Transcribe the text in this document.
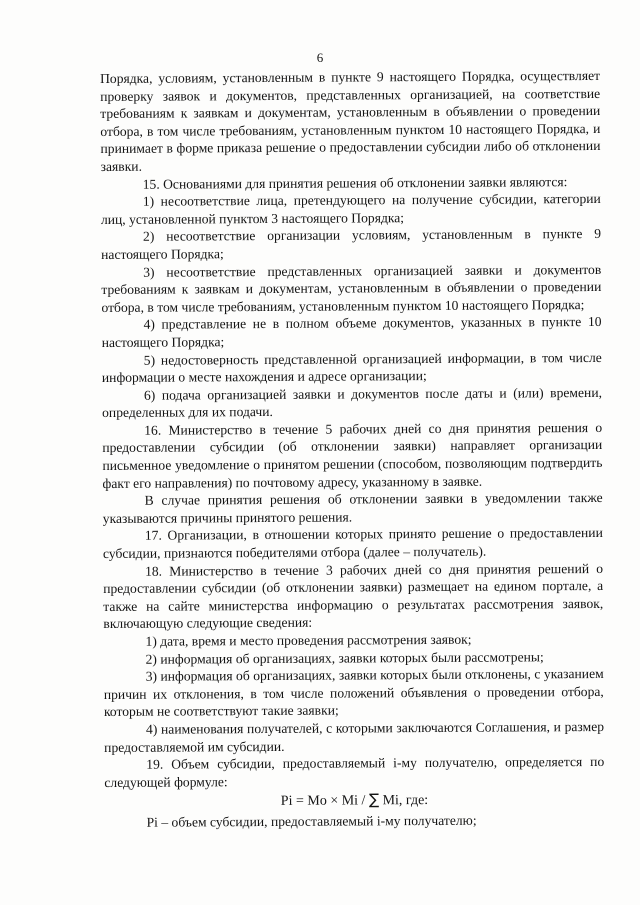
6

Порядка, условиям, установленным в пункте 9 настоящего Порядка, осуществляет проверку заявок и документов, представленных организацией, на соответствие требованиям к заявкам и документам, установленным в объявлении о проведении отбора, в том числе требованиям, установленным пунктом 10 настоящего Порядка, и принимает в форме приказа решение о предоставлении субсидии либо об отклонении заявки.

15. Основаниями для принятия решения об отклонении заявки являются:

1) несоответствие лица, претендующего на получение субсидии, категории лиц, установленной пунктом 3 настоящего Порядка;

2) несоответствие организации условиям, установленным в пункте 9 настоящего Порядка;

3) несоответствие представленных организацией заявки и документов требованиям к заявкам и документам, установленным в объявлении о проведении отбора, в том числе требованиям, установленным пунктом 10 настоящего Порядка;

4) представление не в полном объеме документов, указанных в пункте 10 настоящего Порядка;

5) недостоверность представленной организацией информации, в том числе информации о месте нахождения и адресе организации;

6) подача организацией заявки и документов после даты и (или) времени, определенных для их подачи.

16. Министерство в течение 5 рабочих дней со дня принятия решения о предоставлении субсидии (об отклонении заявки) направляет организации письменное уведомление о принятом решении (способом, позволяющим подтвердить факт его направления) по почтовому адресу, указанному в заявке.

В случае принятия решения об отклонении заявки в уведомлении также указываются причины принятого решения.

17. Организации, в отношении которых принято решение о предоставлении субсидии, признаются победителями отбора (далее – получатель).

18. Министерство в течение 3 рабочих дней со дня принятия решений о предоставлении субсидии (об отклонении заявки) размещает на едином портале, а также на сайте министерства информацию о результатах рассмотрения заявок, включающую следующие сведения:

1) дата, время и место проведения рассмотрения заявок;

2) информация об организациях, заявки которых были рассмотрены;

3) информация об организациях, заявки которых были отклонены, с указанием причин их отклонения, в том числе положений объявления о проведении отбора, которым не соответствуют такие заявки;

4) наименования получателей, с которыми заключаются Соглашения, и размер предоставляемой им субсидии.

19. Объем субсидии, предоставляемый i-му получателю, определяется по следующей формуле:

Pi = Mo × Mi / ∑ Mi, где:

Pi – объем субсидии, предоставляемый i-му получателю;
